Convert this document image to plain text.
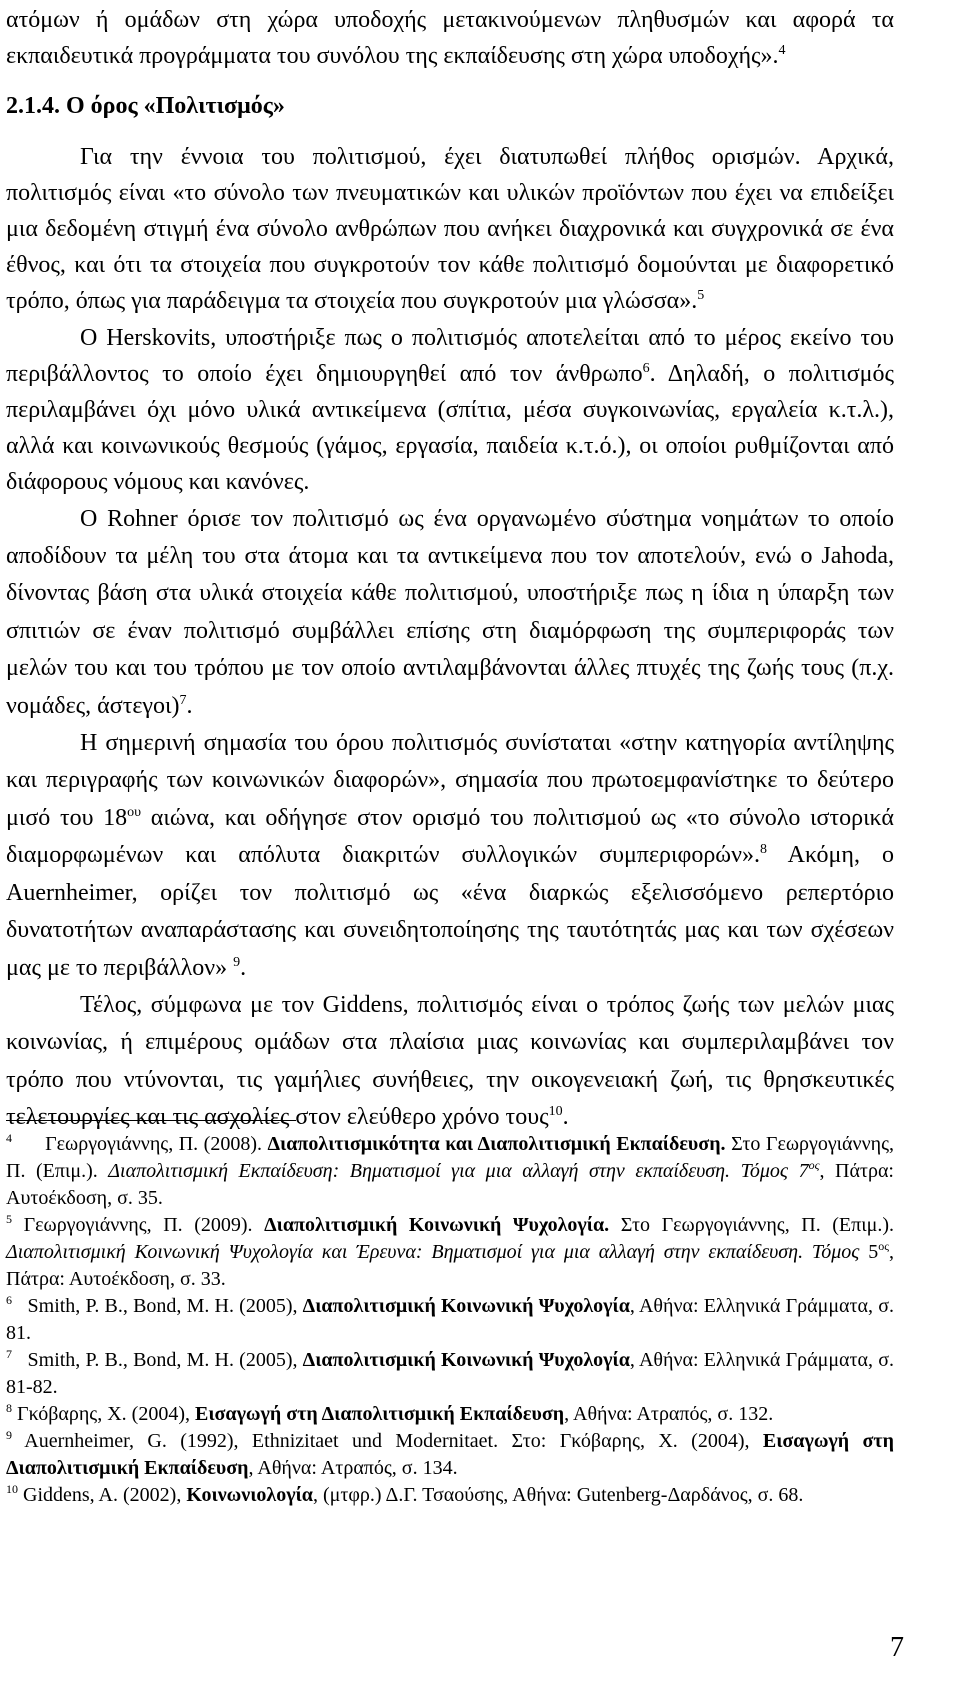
ατόμων ή ομάδων στη χώρα υποδοχής μετακινούμενων πληθυσμών και αφορά τα εκπαιδευτικά προγράμματα του συνόλου της εκπαίδευσης στη χώρα υποδοχής».$^4$

2.1.4. Ο όρος «Πολιτισμός»

Για την έννοια του πολιτισμού, έχει διατυπωθεί πλήθος ορισμών. Αρχικά, πολιτισμός είναι «το σύνολο των πνευματικών και υλικών προϊόντων που έχει να επιδείξει μια δεδομένη στιγμή ένα σύνολο ανθρώπων που ανήκει διαχρονικά και συγχρονικά σε ένα έθνος, και ότι τα στοιχεία που συγκροτούν τον κάθε πολιτισμό δομούνται με διαφορετικό τρόπο, όπως για παράδειγμα τα στοιχεία που συγκροτούν μια γλώσσα».$^5$

Ο Herskovits, υποστήριξε πως ο πολιτισμός αποτελείται από το μέρος εκείνο του περιβάλλοντος το οποίο έχει δημιουργηθεί από τον άνθρωπο$^6$. Δηλαδή, ο πολιτισμός περιλαμβάνει όχι μόνο υλικά αντικείμενα (σπίτια, μέσα συγκοινωνίας, εργαλεία κ.τ.λ.), αλλά και κοινωνικούς θεσμούς (γάμος, εργασία, παιδεία κ.τ.ό.), οι οποίοι ρυθμίζονται από διάφορους νόμους και κανόνες.

Ο Rohner όρισε τον πολιτισμό ως ένα οργανωμένο σύστημα νοημάτων το οποίο αποδίδουν τα μέλη του στα άτομα και τα αντικείμενα που τον αποτελούν, ενώ ο Jahoda, δίνοντας βάση στα υλικά στοιχεία κάθε πολιτισμού, υποστήριξε πως η ίδια η ύπαρξη των σπιτιών σε έναν πολιτισμό συμβάλλει επίσης στη διαμόρφωση της συμπεριφοράς των μελών του και του τρόπου με τον οποίο αντιλαμβάνονται άλλες πτυχές της ζωής τους (π.χ. νομάδες, άστεγοι)$^7$.

Η σημερινή σημασία του όρου πολιτισμός συνίσταται «στην κατηγορία αντίληψης και περιγραφής των κοινωνικών διαφορών», σημασία που πρωτοεμφανίστηκε το δεύτερο μισό του $18^{o\upsilon}$ αιώνα, και οδήγησε στον ορισμό του πολιτισμού ως «το σύνολο ιστορικά διαμορφωμένων και απόλυτα διακριτών συλλογικών συμπεριφορών».$^8$ Ακόμη, ο Auernheimer, ορίζει τον πολιτισμό ως «ένα διαρκώς εξελισσόμενο ρεπερτόριο δυνατοτήτων αναπαράστασης και συνειδητοποίησης της ταυτότητάς μας και των σχέσεων μας με το περιβάλλον» $^9$.

Τέλος, σύμφωνα με τον Giddens, πολιτισμός είναι ο τρόπος ζωής των μελών μιας κοινωνίας, ή επιμέρους ομάδων στα πλαίσια μιας κοινωνίας και συμπεριλαμβάνει τον τρόπο που ντύνονται, τις γαμήλιες συνήθειες, την οικογενειακή ζωή, τις θρησκευτικές τελετουργίες και τις ασχολίες στον ελεύθερο χρόνο τους$^{10}$.

$^4$ Γεωργογιάννης, Π. (2008). Διαπολιτισμικότητα και Διαπολιτισμική Εκπαίδευση. Στο Γεωργογιάννης, Π. (Επιμ.). Διαπολιτισμική Εκπαίδευση: Βηματισμοί για μια αλλαγή στην εκπαίδευση. Τόμος $7^{o\varsigma}$, Πάτρα: Αυτοέκδοση, σ. 35.

$^5$ Γεωργογιάννης, Π. (2009). Διαπολιτισμική Κοινωνική Ψυχολογία. Στο Γεωργογιάννης, Π. (Επιμ.). Διαπολιτισμική Κοινωνική Ψυχολογία και Έρευνα: Βηματισμοί για μια αλλαγή στην εκπαίδευση. Τόμος $5^{o\varsigma}$, Πάτρα: Αυτοέκδοση, σ. 33.

$^6$ Smith, P. B., Bond, M. H. (2005), Διαπολιτισμική Κοινωνική Ψυχολογία, Αθήνα: Ελληνικά Γράμματα, σ. 81.

$^7$ Smith, P. B., Bond, M. H. (2005), Διαπολιτισμική Κοινωνική Ψυχολογία, Αθήνα: Ελληνικά Γράμματα, σ. 81-82.

$^8$ Γκόβαρης, Χ. (2004), Εισαγωγή στη Διαπολιτισμική Εκπαίδευση, Αθήνα: Ατραπός, σ. 132.

$^9$ Auernheimer, G. (1992), Ethnizitaet und Modernitaet. Στο: Γκόβαρης, Χ. (2004), Εισαγωγή στη Διαπολιτισμική Εκπαίδευση, Αθήνα: Ατραπός, σ. 134.

$^{10}$ Giddens, A. (2002), Κοινωνιολογία, (μτφρ.) Δ.Γ. Τσαούσης, Αθήνα: Gutenberg-Δαρδάνος, σ. 68.

7
